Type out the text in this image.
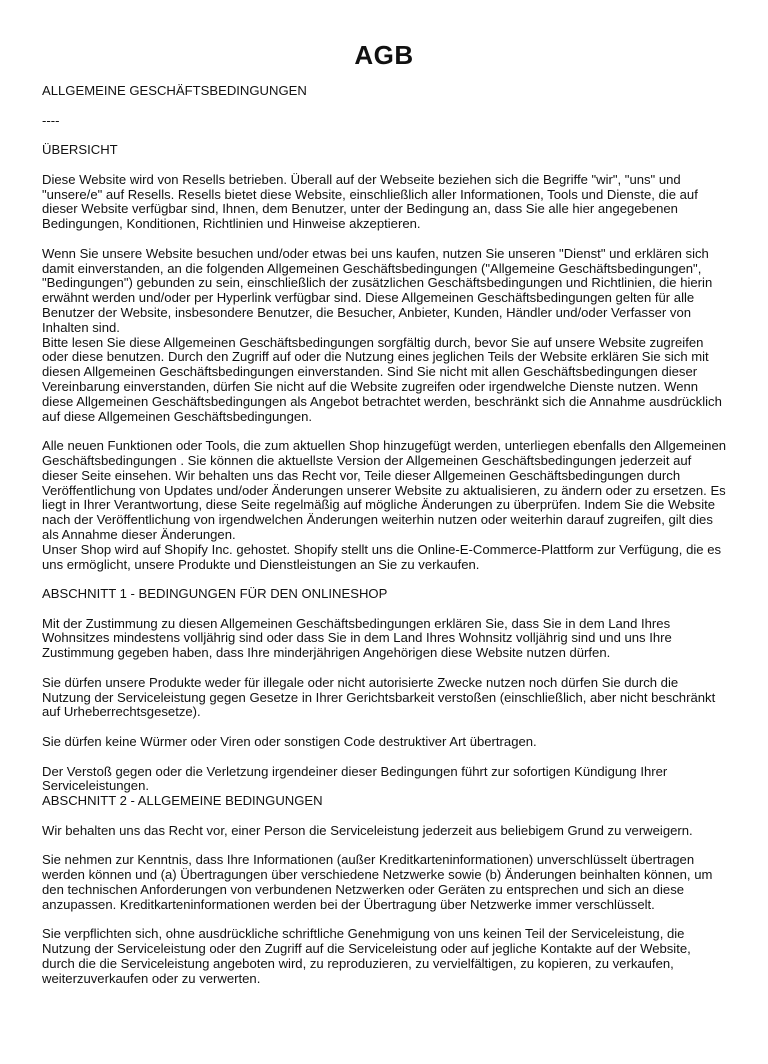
AGB

ALLGEMEINE GESCHÄFTSBEDINGUNGEN

----

ÜBERSICHT

Diese Website wird von Resells betrieben. Überall auf der Webseite beziehen sich die Begriffe "wir", "uns" und "unsere/e" auf Resells. Resells bietet diese Website, einschließlich aller Informationen, Tools und Dienste, die auf dieser Website verfügbar sind, Ihnen, dem Benutzer, unter der Bedingung an, dass Sie alle hier angegebenen Bedingungen, Konditionen, Richtlinien und Hinweise akzeptieren.

Wenn Sie unsere Website besuchen und/oder etwas bei uns kaufen, nutzen Sie unseren "Dienst" und erklären sich damit einverstanden, an die folgenden Allgemeinen Geschäftsbedingungen ("Allgemeine Geschäftsbedingungen", "Bedingungen") gebunden zu sein, einschließlich der zusätzlichen Geschäftsbedingungen und Richtlinien, die hierin erwähnt werden und/oder per Hyperlink verfügbar sind. Diese Allgemeinen Geschäftsbedingungen gelten für alle Benutzer der Website, insbesondere Benutzer, die Besucher, Anbieter, Kunden, Händler und/oder Verfasser von Inhalten sind.

Bitte lesen Sie diese Allgemeinen Geschäftsbedingungen sorgfältig durch, bevor Sie auf unsere Website zugreifen oder diese benutzen. Durch den Zugriff auf oder die Nutzung eines jeglichen Teils der Website erklären Sie sich mit diesen Allgemeinen Geschäftsbedingungen einverstanden. Sind Sie nicht mit allen Geschäftsbedingungen dieser Vereinbarung einverstanden, dürfen Sie nicht auf die Website zugreifen oder irgendwelche Dienste nutzen. Wenn diese Allgemeinen Geschäftsbedingungen als Angebot betrachtet werden, beschränkt sich die Annahme ausdrücklich auf diese Allgemeinen Geschäftsbedingungen.

Alle neuen Funktionen oder Tools, die zum aktuellen Shop hinzugefügt werden, unterliegen ebenfalls den Allgemeinen Geschäftsbedingungen . Sie können die aktuellste Version der Allgemeinen Geschäftsbedingungen jederzeit auf dieser Seite einsehen. Wir behalten uns das Recht vor, Teile dieser Allgemeinen Geschäftsbedingungen durch Veröffentlichung von Updates und/oder Änderungen unserer Website zu aktualisieren, zu ändern oder zu ersetzen. Es liegt in Ihrer Verantwortung, diese Seite regelmäßig auf mögliche Änderungen zu überprüfen. Indem Sie die Website nach der Veröffentlichung von irgendwelchen Änderungen weiterhin nutzen oder weiterhin darauf zugreifen, gilt dies als Annahme dieser Änderungen.

Unser Shop wird auf Shopify Inc. gehostet. Shopify stellt uns die Online-E-Commerce-Plattform zur Verfügung, die es uns ermöglicht, unsere Produkte und Dienstleistungen an Sie zu verkaufen.

ABSCHNITT 1 - BEDINGUNGEN FÜR DEN ONLINESHOP

Mit der Zustimmung zu diesen Allgemeinen Geschäftsbedingungen erklären Sie, dass Sie in dem Land Ihres Wohnsitzes mindestens volljährig sind oder dass Sie in dem Land Ihres Wohnsitz volljährig sind und uns Ihre Zustimmung gegeben haben, dass Ihre minderjährigen Angehörigen diese Website nutzen dürfen.

Sie dürfen unsere Produkte weder für illegale oder nicht autorisierte Zwecke nutzen noch dürfen Sie durch die Nutzung der Serviceleistung gegen Gesetze in Ihrer Gerichtsbarkeit verstoßen (einschließlich, aber nicht beschränkt auf Urheberrechtsgesetze).

Sie dürfen keine Würmer oder Viren oder sonstigen Code destruktiver Art übertragen.

Der Verstoß gegen oder die Verletzung irgendeiner dieser Bedingungen führt zur sofortigen Kündigung Ihrer Serviceleistungen.

ABSCHNITT 2 - ALLGEMEINE BEDINGUNGEN

Wir behalten uns das Recht vor, einer Person die Serviceleistung jederzeit aus beliebigem Grund zu verweigern.

Sie nehmen zur Kenntnis, dass Ihre Informationen (außer Kreditkarteninformationen) unverschlüsselt übertragen werden können und (a) Übertragungen über verschiedene Netzwerke sowie (b) Änderungen beinhalten können, um den technischen Anforderungen von verbundenen Netzwerken oder Geräten zu entsprechen und sich an diese anzupassen. Kreditkarteninformationen werden bei der Übertragung über Netzwerke immer verschlüsselt.

Sie verpflichten sich, ohne ausdrückliche schriftliche Genehmigung von uns keinen Teil der Serviceleistung, die Nutzung der Serviceleistung oder den Zugriff auf die Serviceleistung oder auf jegliche Kontakte auf der Website, durch die die Serviceleistung angeboten wird, zu reproduzieren, zu vervielfältigen, zu kopieren, zu verkaufen, weiterzuverkaufen oder zu verwerten.
